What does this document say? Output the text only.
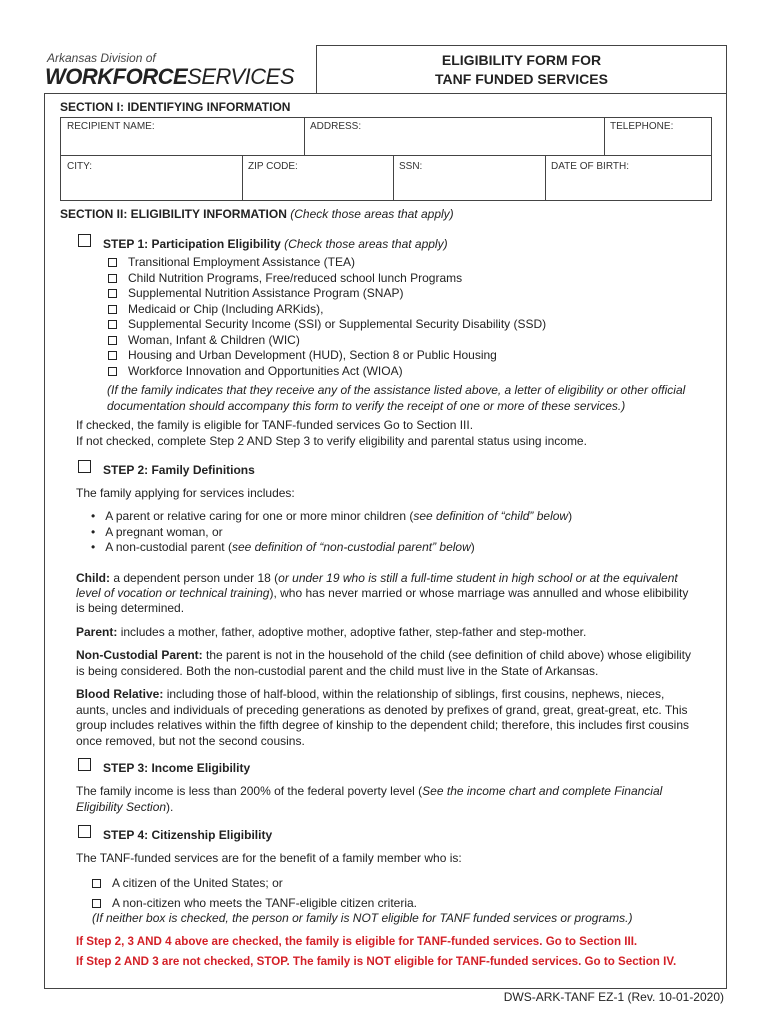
Arkansas Division of
WORKFORCESERVICES
ELIGIBILITY FORM FOR
TANF FUNDED SERVICES
SECTION I: IDENTIFYING INFORMATION
RECIPIENT NAME:	ADDRESS:	TELEPHONE:
CITY:	ZIP CODE:	SSN:	DATE OF BIRTH:
SECTION II: ELIGIBILITY INFORMATION (Check those areas that apply)
STEP 1: Participation Eligibility (Check those areas that apply)
Transitional Employment Assistance (TEA)
Child Nutrition Programs, Free/reduced school lunch Programs
Supplemental Nutrition Assistance Program (SNAP)
Medicaid or Chip (Including ARKids),
Supplemental Security Income (SSI) or Supplemental Security Disability (SSD)
Woman, Infant & Children (WIC)
Housing and Urban Development (HUD), Section 8 or Public Housing
Workforce Innovation and Opportunities Act (WIOA)
(If the family indicates that they receive any of the assistance listed above, a letter of eligibility or other official
documentation should accompany this form to verify the receipt of one or more of these services.)
If checked, the family is eligible for TANF-funded services Go to Section III.
If not checked, complete Step 2 AND Step 3 to verify eligibility and parental status using income.
STEP 2: Family Definitions
The family applying for services includes:
•   A parent or relative caring for one or more minor children (see definition of “child” below)
•   A pregnant woman, or
•   A non-custodial parent (see definition of “non-custodial parent” below)
Child: a dependent person under 18 (or under 19 who is still a full-time student in high school or at the equivalent
level of vocation or technical training), who has never married or whose marriage was annulled and whose elibibility
is being determined.
Parent: includes a mother, father, adoptive mother, adoptive father, step-father and step-mother.
Non-Custodial Parent: the parent is not in the household of the child (see definition of child above) whose eligibility
is being considered. Both the non-custodial parent and the child must live in the State of Arkansas.
Blood Relative: including those of half-blood, within the relationship of siblings, first cousins, nephews, nieces,
aunts, uncles and individuals of preceding generations as denoted by prefixes of grand, great, great-great, etc. This
group includes relatives within the fifth degree of kinship to the dependent child; therefore, this includes first cousins
once removed, but not the second cousins.
STEP 3: Income Eligibility
The family income is less than 200% of the federal poverty level (See the income chart and complete Financial
Eligibility Section).
STEP 4: Citizenship Eligibility
The TANF-funded services are for the benefit of a family member who is:
A citizen of the United States; or
A non-citizen who meets the TANF-eligible citizen criteria.
(If neither box is checked, the person or family is NOT eligible for TANF funded services or programs.)
If Step 2, 3 AND 4 above are checked, the family is eligible for TANF-funded services. Go to Section III.
If Step 2 AND 3 are not checked, STOP. The family is NOT eligible for TANF-funded services. Go to Section IV.
DWS-ARK-TANF EZ-1 (Rev. 10-01-2020)
